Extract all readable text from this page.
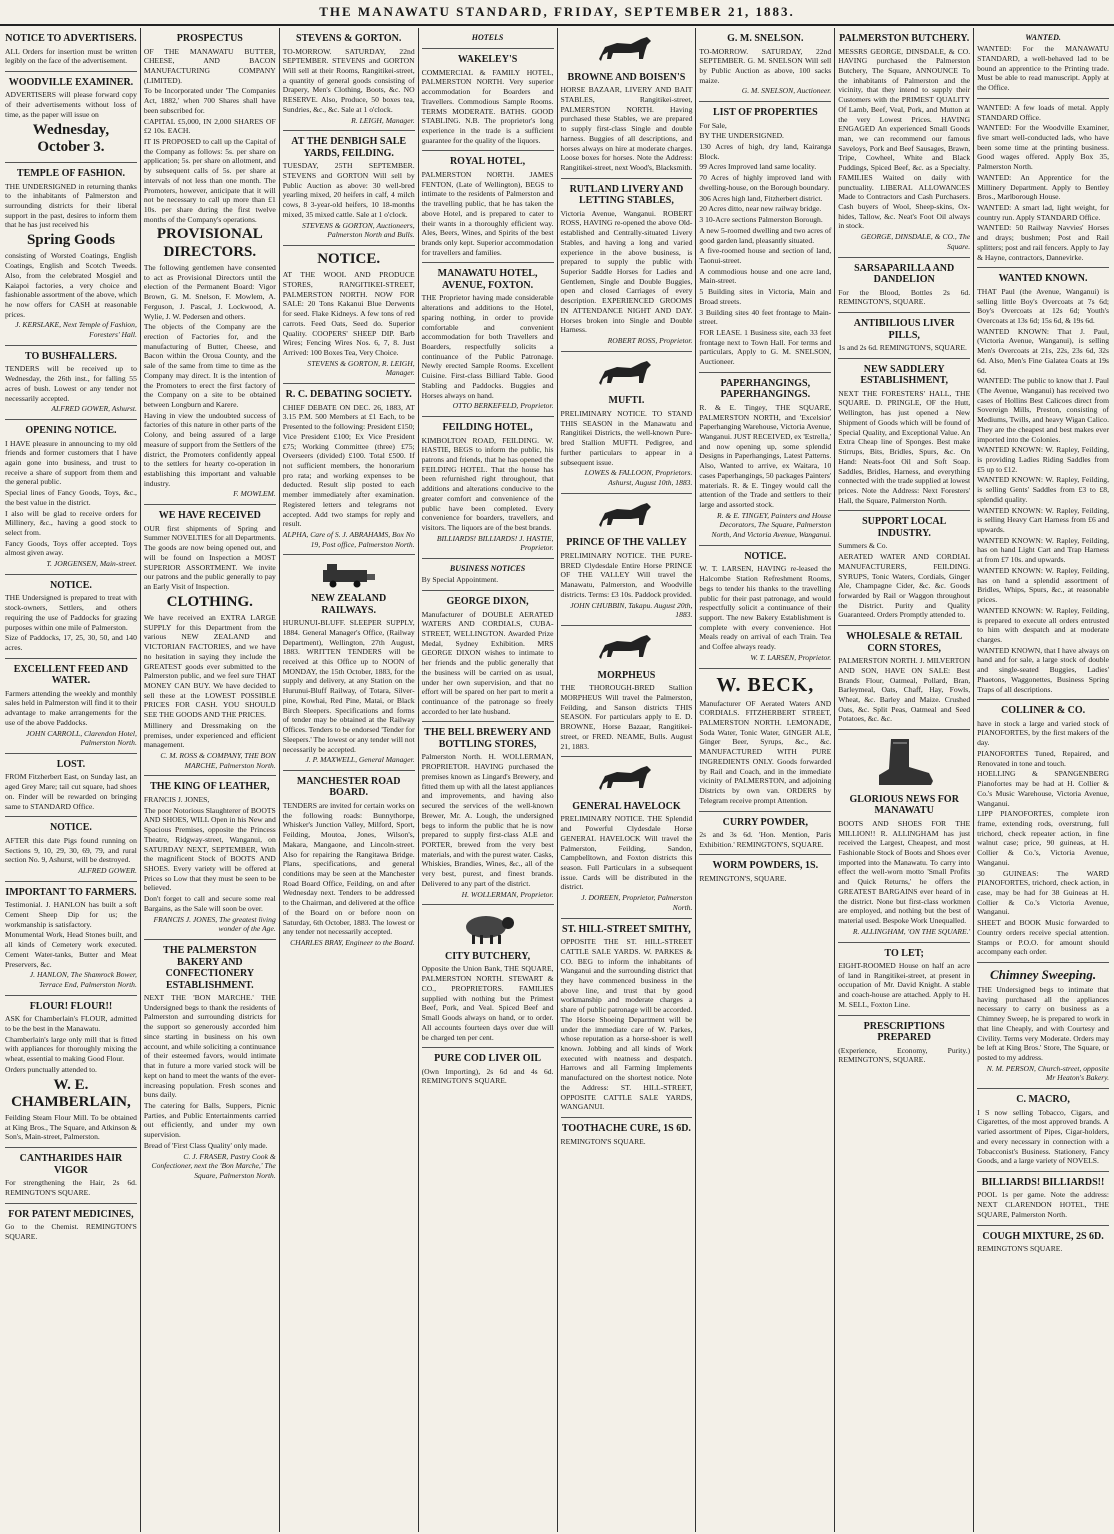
THE MANAWATU STANDARD, FRIDAY, SEPTEMBER 21, 1883.
NOTICE TO ADVERTISERS.
ALL Orders for insertion must be written legibly on the face of the advertisement.
WOODVILLE EXAMINER.
ADVERTISERS will please forward copy of their advertisements without loss of time, as the paper will issue on
Wednesday, October 3.
TEMPLE OF FASHION.
THE UNDERSIGNED in returning thanks to the inhabitants of Palmerston and surrounding districts for their liberal support in the past, desires to inform them that he has just received his
Spring Goods
consisting of Worsted Coatings, English Coatings, English and Scotch Tweeds. Also, from the celebrated Mosgiel and Kaiapoi factories, a very choice and fashionable assortment of the above, which he now offers for CASH at reasonable prices.
J. KERSLAKE, Next Temple of Fashion, Foresters' Hall.
TO BUSHFALLERS.
TENDERS will be received up to Wednesday, the 26th inst., for falling 55 acres of bush. Lowest or any tender not necessarily accepted.
ALFRED GOWER, Ashurst.
OPENING NOTICE.
I HAVE pleasure in announcing to my old friends and former customers that I have again gone into business, and trust to receive a share of support from them and the general public.
Special lines of Fancy Goods, Toys, &c., the best value in the district.
I also will be glad to receive orders for Millinery, &c., having a good stock to select from.
Fancy Goods, Toys offer accepted. Toys almost given away.
T. JORGENSEN, Main-street.
NOTICE.
THE Undersigned is prepared to treat with stock-owners, Settlers, and others requiring the use of Paddocks for grazing purposes within one mile of Palmerston.
Size of Paddocks, 17, 25, 30, 50, and 140 acres.
EXCELLENT FEED AND WATER.
Farmers attending the weekly and monthly sales held in Palmerston will find it to their advantage to make arrangements for the use of the above Paddocks.
JOHN CARROLL, Clarendon Hotel, Palmerston North.
LOST.
FROM Fitzherbert East, on Sunday last, an aged Grey Mare; tail cut square, had shoes on. Finder will be rewarded on bringing same to STANDARD Office.
NOTICE.
AFTER this date Pigs found running on Sections 9, 10, 29, 30, 69, 79, and rural section No. 9, Ashurst, will be destroyed.
ALFRED GOWER.
IMPORTANT TO FARMERS.
Testimonial. J. HANLON has built a soft Cement Sheep Dip for us; the workmanship is satisfactory.
Monumental Work, Head Stones built, and all kinds of Cemetery work executed. Cement Water-tanks, Butter and Meat Preservers, &c.
J. HANLON, The Shamrock Bower, Terrace End, Palmerston North.
FLOUR! FLOUR!!
ASK for Chamberlain's FLOUR, admitted to be the best in the Manawatu.
Chamberlain's large only mill that is fitted with appliances for thoroughly mixing the wheat, essential to making Good Flour.
Orders punctually attended to.
W. E. CHAMBERLAIN,
Feilding Steam Flour Mill. To be obtained at King Bros., The Square, and Atkinson & Son's, Main-street, Palmerston.
CANTHARIDES HAIR VIGOR
For strengthening the Hair, 2s 6d. REMINGTON'S SQUARE.
FOR PATENT MEDICINES,
Go to the Chemist. REMINGTON'S SQUARE.
PROSPECTUS
OF THE MANAWATU BUTTER, CHEESE, AND BACON MANUFACTURING COMPANY (LIMITED).
To be Incorporated under 'The Companies Act, 1882,' when 700 Shares shall have been subscribed for.
CAPITAL £5,000, IN 2,000 SHARES OF £2 10s. EACH.
IT IS PROPOSED to call up the Capital of the Company as follows: 5s. per share on application; 5s. per share on allotment, and by subsequent calls of 5s. per share at intervals of not less than one month. The Promoters, however, anticipate that it will not be necessary to call up more than £1 10s. per share during the first twelve months of the Company's operations.
PROVISIONAL DIRECTORS.
The following gentlemen have consented to act as Provisional Directors until the election of the Permanent Board: Vigor Brown, G. M. Snelson, F. Mowlem, A. Ferguson, J. Pascal, J. Lockwood, A. Wylie, J. W. Pedersen and others.
The objects of the Company are the erection of Factories for, and the manufacturing of Butter, Cheese, and Bacon within the Oroua County, and the sale of the same from time to time as the Company may direct. It is the intention of the Promoters to erect the first factory of the Company on a site to be obtained between Longburn and Karere.
Having in view the undoubted success of factories of this nature in other parts of the Colony, and being assured of a large measure of support from the Settlers of the district, the Promoters confidently appeal to the settlers for hearty co-operation in establishing this important and valuable industry.
F. MOWLEM.
WE HAVE RECEIVED
OUR first shipments of Spring and Summer NOVELTIES for all Departments. The goods are now being opened out, and will be found on Inspection a MOST SUPERIOR ASSORTMENT. We invite our patrons and the public generally to pay an Early Visit of Inspection.
CLOTHING.
We have received an EXTRA LARGE SUPPLY for this Department from the various NEW ZEALAND and VICTORIAN FACTORIES, and we have no hesitation in saying they include the GREATEST goods ever submitted to the Palmerston public, and we feel sure THAT MONEY CAN BUY. We have decided to sell these at the LOWEST POSSIBLE PRICES FOR CASH. YOU SHOULD SEE THE GOODS AND THE PRICES.
Millinery and Dressmaking on the premises, under experienced and efficient management.
C. M. ROSS & COMPANY, THE BON MARCHE, Palmerston North.
THE KING OF LEATHER,
FRANCIS J. JONES,
The poor Notorious Slaughterer of BOOTS AND SHOES, WILL Open in his New and Spacious Premises, opposite the Princess Theatre, Ridgway-street, Wanganui, on SATURDAY NEXT, SEPTEMBER, With the magnificent Stock of BOOTS AND SHOES. Every variety will be offered at Prices so Low that they must be seen to be believed.
Don't forget to call and secure some real Bargains, as the Sale will soon be over.
FRANCIS J. JONES, The greatest living wonder of the Age.
THE PALMERSTON BAKERY AND CONFECTIONERY ESTABLISHMENT.
NEXT THE 'BON MARCHE.' THE Undersigned begs to thank the residents of Palmerston and surrounding districts for the support so generously accorded him since starting in business on his own account, and while soliciting a continuance of their esteemed favors, would intimate that in future a more varied stock will be kept on hand to meet the wants of the ever-increasing population. Fresh scones and buns daily.
The catering for Balls, Suppers, Picnic Parties, and Public Entertainments carried out efficiently, and under my own supervision.
Bread of 'First Class Quality' only made.
C. J. FRASER, Pastry Cook & Confectioner, next the 'Bon Marche,' The Square, Palmerston North.
STEVENS & GORTON.
TO-MORROW. SATURDAY, 22nd SEPTEMBER. STEVENS and GORTON Will sell at their Rooms, Rangitikei-street, a quantity of general goods consisting of Drapery, Men's Clothing, Boots, &c. NO RESERVE. Also, Produce, 50 boxes tea, Sundries, &c., &c. Sale at 1 o'clock.
R. LEIGH, Manager.
AT THE DENBIGH SALE YARDS, FEILDING.
TUESDAY, 25TH SEPTEMBER. STEVENS and GORTON Will sell by Public Auction as above: 30 well-bred yearling mixed, 20 heifers in calf, 4 milch cows, 8 3-year-old heifers, 10 18-months mixed, 35 mixed cattle. Sale at 1 o'clock.
STEVENS & GORTON, Auctioneers, Palmerston North and Bulls.
NOTICE.
AT THE WOOL AND PRODUCE STORES, RANGITIKEI-STREET, PALMERSTON NORTH. NOW FOR SALE: 20 Tons Kakanui Blue Derwents for seed. Flake Kidneys. A few tons of red carrots. Feed Oats, Seed do. Superior Quality. COOPERS' SHEEP DIP. Barb Wires; Fencing Wires Nos. 6, 7, 8. Just Arrived: 100 Boxes Tea, Very Choice.
STEVENS & GORTON, R. LEIGH, Manager.
R. C. DEBATING SOCIETY.
CHIEF DEBATE ON DEC. 26, 1883, AT 3.15 P.M. 500 Members at £1 Each, to be Presented to the following: President £150; Vice President £100; Ex Vice President £75; Working Committee (three) £75; Overseers (divided) £100. Total £500. If not sufficient members, the honorarium pro rata; and working expenses to be deducted. Result slip posted to each member immediately after examination. Registered letters and telegrams not accepted. Add two stamps for reply and result.
ALPHA, Care of S. J. ABRAHAMS, Box No 19, Post office, Palmerston North.
NEW ZEALAND RAILWAYS.
HURUNUI-BLUFF. SLEEPER SUPPLY, 1884. General Manager's Office, (Railway Department), Wellington, 27th August, 1883. WRITTEN TENDERS will be received at this Office up to NOON of MONDAY, the 15th October, 1883, for the supply and delivery, at any Station on the Hurunui-Bluff Railway, of Totara, Silver-pine, Kowhai, Red Pine, Matai, or Black Birch Sleepers. Specifications and forms of tender may be obtained at the Railway Offices. Tenders to be endorsed 'Tender for Sleepers.' The lowest or any tender will not necessarily be accepted.
J. P. MAXWELL, General Manager.
MANCHESTER ROAD BOARD.
TENDERS are invited for certain works on the following roads: Bunnythorpe, Whisker's Junction Valley, Milford, Sport, Feilding, Moutoa, Jones, Wilson's, Makara, Mangaone, and Lincoln-street. Also for repairing the Rangitawa Bridge. Plans, specifications, and general conditions may be seen at the Manchester Road Board Office, Feilding, on and after Wednesday next. Tenders to be addressed to the Chairman, and delivered at the office of the Board on or before noon on Saturday, 6th October, 1883. The lowest or any tender not necessarily accepted.
CHARLES BRAY, Engineer to the Board.
HOTELS
WAKELEY'S
COMMERCIAL & FAMILY HOTEL, PALMERSTON NORTH. Very superior accommodation for Boarders and Travellers. Commodious Sample Rooms. TERMS MODERATE. BATHS. GOOD STABLING. N.B. The proprietor's long experience in the trade is a sufficient guarantee for the quality of the liquors.
ROYAL HOTEL,
PALMERSTON NORTH. JAMES FENTON, (Late of Wellington), BEGS to intimate to the residents of Palmerston and the travelling public, that he has taken the above Hotel, and is prepared to cater to their wants in a thoroughly efficient way. Ales, Beers, Wines, and Spirits of the best brands only kept. Superior accommodation for travellers and families.
MANAWATU HOTEL, AVENUE, FOXTON.
THE Proprietor having made considerable alterations and additions to the Hotel, sparing nothing, in order to provide comfortable and convenient accommodation for both Travellers and Boarders, respectfully solicits a continuance of the Public Patronage. Newly erected Sample Rooms. Excellent Cuisine. First-class Billiard Table. Good Stabling and Paddocks. Buggies and Horses always on hand.
OTTO BERKEFELD, Proprietor.
FEILDING HOTEL,
KIMBOLTON ROAD, FEILDING. W. HASTIE, BEGS to inform the public, his patrons and friends, that he has opened the FEILDING HOTEL. That the house has been refurnished right throughout, that additions and alterations conducive to the greater comfort and convenience of the public have been completed. Every convenience for boarders, travellers, and visitors. The liquors are of the best brands.
BILLIARDS! BILLIARDS! J. HASTIE, Proprietor.
BUSINESS NOTICES
By Special Appointment.
GEORGE DIXON,
Manufacturer of DOUBLE AERATED WATERS AND CORDIALS, CUBA-STREET, WELLINGTON. Awarded Prize Medal, Sydney Exhibition. MRS GEORGE DIXON wishes to intimate to her friends and the public generally that the business will be carried on as usual, under her own supervision, and that no effort will be spared on her part to merit a continuance of the patronage so freely accorded to her late husband.
THE BELL BREWERY AND BOTTLING STORES,
Palmerston North. H. WOLLERMAN, PROPRIETOR. HAVING purchased the premises known as Lingard's Brewery, and fitted them up with all the latest appliances and improvements, and having also secured the services of the well-known Brewer, Mr. A. Lough, the undersigned begs to inform the public that he is now prepared to supply first-class ALE and PORTER, brewed from the very best materials, and with the purest water. Casks, Whiskies, Brandies, Wines, &c., all of the very best, purest, and finest brands. Delivered to any part of the district.
H. WOLLERMAN, Proprietor.
CITY BUTCHERY,
Opposite the Union Bank, THE SQUARE, PALMERSTON NORTH. STEWART & CO., PROPRIETORS. FAMILIES supplied with nothing but the Primest Beef, Pork, and Veal. Spiced Beef and Small Goods always on hand, or to order. All accounts fourteen days over due will be charged ten per cent.
PURE COD LIVER OIL
(Own Importing), 2s 6d and 4s 6d. REMINGTON'S SQUARE.
BROWNE AND BOISEN'S
HORSE BAZAAR, LIVERY AND BAIT STABLES, Rangitikei-street, PALMERSTON NORTH. Having purchased these Stables, we are prepared to supply first-class Single and double harness. Buggies of all descriptions, and horses always on hire at moderate charges. Loose boxes for horses. Note the Address: Rangitikei-street, next Wood's, Blacksmith.
RUTLAND LIVERY AND LETTING STABLES,
Victoria Avenue, Wanganui. ROBERT ROSS, HAVING re-opened the above Old-established and Centrally-situated Livery Stables, and having a long and varied experience in the above business, is prepared to supply the public with Superior Saddle Horses for Ladies and Gentlemen, Single and Double Buggies, open and closed Carriages of every description. EXPERIENCED GROOMS IN ATTENDANCE NIGHT AND DAY. Horses broken into Single and Double Harness.
ROBERT ROSS, Proprietor.
MUFTI.
PRELIMINARY NOTICE. TO STAND THIS SEASON in the Manawatu and Rangitikei Districts, the well-known Pure-bred Stallion MUFTI. Pedigree, and further particulars to appear in a subsequent issue.
LOWES & FALLOON, Proprietors. Ashurst, August 10th, 1883.
PRINCE OF THE VALLEY
PRELIMINARY NOTICE. THE PURE-BRED Clydesdale Entire Horse PRINCE OF THE VALLEY Will travel the Manawatu, Palmerston, and Woodville districts. Terms: £3 10s. Paddock provided.
JOHN CHUBBIN, Takapu. August 20th, 1883.
MORPHEUS
THE THOROUGH-BRED Stallion MORPHEUS Will travel the Palmerston, Feilding, and Sanson districts THIS SEASON. For particulars apply to E. D. BROWNE, Horse Bazaar, Rangitikei-street, or FRED. NEAME, Bulls. August 21, 1883.
GENERAL HAVELOCK
PRELIMINARY NOTICE. THE Splendid and Powerful Clydesdale Horse GENERAL HAVELOCK Will travel the Palmerston, Feilding, Sandon, Campbelltown, and Foxton districts this season. Full Particulars in a subsequent issue. Cards will be distributed in the district.
J. DOREEN, Proprietor, Palmerston North.
ST. HILL-STREET SMITHY,
OPPOSITE THE ST. HILL-STREET CATTLE SALE YARDS. W. PARKES & CO. BEG to inform the inhabitants of Wanganui and the surrounding district that they have commenced business in the above line, and trust that by good workmanship and moderate charges a share of public patronage will be accorded. The Horse Shoeing Department will be under the immediate care of W. Parkes, whose reputation as a horse-shoer is well known. Jobbing and all kinds of Work executed with neatness and despatch. Harrows and all Farming Implements manufactured on the shortest notice. Note the Address: ST. HILL-STREET, OPPOSITE CATTLE SALE YARDS, WANGANUI.
TOOTHACHE CURE, 1S 6D.
REMINGTON'S SQUARE.
G. M. SNELSON.
TO-MORROW. SATURDAY, 22nd SEPTEMBER. G. M. SNELSON Will sell by Public Auction as above, 100 sacks maize.
G. M. SNELSON, Auctioneer.
LIST OF PROPERTIES
For Sale,
BY THE UNDERSIGNED.
130 Acres of high, dry land, Kairanga Block.
99 Acres Improved land same locality.
70 Acres of highly improved land with dwelling-house, on the Borough boundary.
306 Acres high land, Fitzherbert district.
20 Acres ditto, near new railway bridge.
3 10-Acre sections Palmerston Borough.
A new 5-roomed dwelling and two acres of good garden land, pleasantly situated.
A five-roomed house and section of land, Taonui-street.
A commodious house and one acre land, Main-street.
5 Building sites in Victoria, Main and Broad streets.
3 Building sites 40 feet frontage to Main-street.
FOR LEASE. 1 Business site, each 33 feet frontage next to Town Hall. For terms and particulars, Apply to G. M. SNELSON, Auctioneer.
PAPERHANGINGS, PAPERHANGINGS.
R. & E. Tingey, THE SQUARE, PALMERSTON NORTH, and 'Excelsior' Paperhanging Warehouse, Victoria Avenue, Wanganui. JUST RECEIVED, ex 'Estrella,' and now opening up, some splendid Designs in Paperhangings, Latest Patterns. Also, Wanted to arrive, ex Waitara, 10 cases Paperhangings, 50 packages Painters' materials. R. & E. Tingey would call the attention of the Trade and settlers to their large and assorted stock.
R. & E. TINGEY, Painters and House Decorators, The Square, Palmerston North, And Victoria Avenue, Wanganui.
NOTICE.
W. T. LARSEN, HAVING re-leased the Halcombe Station Refreshment Rooms, begs to tender his thanks to the travelling public for their past patronage, and would respectfully solicit a continuance of their support. The new Bakery Establishment is complete with every convenience. Hot Meals ready on arrival of each Train. Tea and Coffee always ready.
W. T. LARSEN, Proprietor.
W. BECK,
Manufacturer OF Aerated Waters AND CORDIALS. FITZHERBERT STREET, PALMERSTON NORTH. LEMONADE, Soda Water, Tonic Water, GINGER ALE, Ginger Beer, Syrups, &c., &c. MANUFACTURED WITH PURE INGREDIENTS ONLY. Goods forwarded by Rail and Coach, and in the immediate vicinity of PALMERSTON, and adjoining Districts by own van. ORDERS by Telegram receive prompt Attention.
CURRY POWDER,
2s and 3s 6d. 'Hon. Mention, Paris Exhibition.' REMINGTON'S, SQUARE.
WORM POWDERS, 1S.
REMINGTON'S, SQUARE.
PALMERSTON BUTCHERY.
MESSRS GEORGE, DINSDALE, & CO. HAVING purchased the Palmerston Butchery, The Square, ANNOUNCE To the inhabitants of Palmerston and the vicinity, that they intend to supply their Customers with the PRIMEST QUALITY Of Lamb, Beef, Veal, Pork, and Mutton at the very Lowest Prices. HAVING ENGAGED An experienced Small Goods man, we can recommend our famous Saveloys, Pork and Beef Sausages, Brawn, Tripe, Cowheel, White and Black Puddings, Spiced Beef, &c. as a Specialty. FAMILIES Waited on daily with punctuality. LIBERAL ALLOWANCES Made to Contractors and Cash Purchasers. Cash buyers of Wool, Sheep-skins, Ox-hides, Tallow, &c. Neat's Foot Oil always in stock.
GEORGE, DINSDALE, & CO., The Square.
SARSAPARILLA AND DANDELION
For the Blood, Bottles 2s 6d. REMINGTON'S, SQUARE.
ANTIBILIOUS LIVER PILLS,
1s and 2s 6d. REMINGTON'S, SQUARE.
NEW SADDLERY ESTABLISHMENT,
NEXT THE FORESTERS' HALL, THE SQUARE. D. PRINGLE, OF the Hutt, Wellington, has just opened a New Shipment of Goods which will be found of Special Quality, and Exceptional Value. An Extra Cheap line of Sponges. Best make Stirrups, Bits, Bridles, Spurs, &c. On Hand: Neats-foot Oil and Soft Soap. Saddles, Bridles, Harness, and everything connected with the trade supplied at lowest prices. Note the Address: Next Foresters' Hall, the Square, Palmerston North.
SUPPORT LOCAL INDUSTRY.
Summers & Co.
AERATED WATER AND CORDIAL MANUFACTURERS, FEILDING. SYRUPS, Tonic Waters, Cordials, Ginger Ale, Champagne Cider, &c. &c. Goods forwarded by Rail or Waggon throughout the District. Purity and Quality Guaranteed. Orders Promptly attended to.
WHOLESALE & RETAIL CORN STORES,
PALMERSTON NORTH. J. MILVERTON AND SON, HAVE ON SALE: Best Brands Flour, Oatmeal, Pollard, Bran, Barleymeal, Oats, Chaff, Hay, Fowls, Wheat, &c. Barley and Maize. Crushed Oats, &c. Split Peas, Oatmeal and Seed Potatoes, &c. &c.
GLORIOUS NEWS FOR MANAWATU
BOOTS AND SHOES FOR THE MILLION!! R. ALLINGHAM has just received the Largest, Cheapest, and most Fashionable Stock of Boots and Shoes ever imported into the Manawatu. To carry into effect the well-worn motto 'Small Profits and Quick Returns,' he offers the GREATEST BARGAINS ever heard of in the district. None but first-class workmen are employed, and nothing but the best of material used. Bespoke Work Unequalled.
R. ALLINGHAM, 'ON THE SQUARE.'
TO LET;
EIGHT-ROOMED House on half an acre of land in Rangitikei-street, at present in occupation of Mr. David Knight. A stable and coach-house are attached. Apply to H. M. SELL, Foxton Line.
PRESCRIPTIONS PREPARED
(Experience, Economy, Purity.) REMINGTON'S, SQUARE.
WANTED.
WANTED: For the MANAWATU STANDARD, a well-behaved lad to be bound an apprentice to the Printing trade. Must be able to read manuscript. Apply at the Office.
WANTED: A few loads of metal. Apply STANDARD Office.
WANTED: For the Woodville Examiner, five smart well-conducted lads, who have been some time at the printing business. Good wages offered. Apply Box 35, Palmerston North.
WANTED: An Apprentice for the Millinery Department. Apply to Bentley Bros., Marlborough House.
WANTED: A smart lad, light weight, for country run. Apply STANDARD Office.
WANTED: 50 Railway Navvies' Horses and drays; bushmen; Post and Rail splitters; post and rail fencers. Apply to Jay & Hayne, contractors, Dannevirke.
WANTED KNOWN.
THAT Paul (the Avenue, Wanganui) is selling little Boy's Overcoats at 7s 6d; Boy's Overcoats at 12s 6d; Youth's Overcoats at 13s 6d; 15s 6d, & 19s 6d.
WANTED KNOWN: That J. Paul, (Victoria Avenue, Wanganui), is selling Men's Overcoats at 21s, 22s, 23s 6d, 32s 6d. Also, Men's Fine Galatea Coats at 19s 6d.
WANTED: The public to know that J. Paul (The Avenue, Wanganui) has received two cases of Hollins Best Calicoes direct from Sovereign Mills, Preston, consisting of Mediums, Twills, and heavy Wigan Calico. They are the cheapest and best makes ever imported into the Colonies.
WANTED KNOWN: W. Rapley, Feilding, is providing Ladies Riding Saddles from £5 up to £12.
WANTED KNOWN: W. Rapley, Feilding, is selling Gents' Saddles from £3 to £8, splendid quality.
WANTED KNOWN: W. Rapley, Feilding, is selling Heavy Cart Harness from £6 and upwards.
WANTED KNOWN: W. Rapley, Feilding, has on hand Light Cart and Trap Harness at from £7 10s. and upwards.
WANTED KNOWN: W. Rapley, Feilding, has on hand a splendid assortment of Bridles, Whips, Spurs, &c., at reasonable prices.
WANTED KNOWN: W. Rapley, Feilding, is prepared to execute all orders entrusted to him with despatch and at moderate charges.
WANTED KNOWN, that I have always on hand and for sale, a large stock of double and single-seated Buggies, Ladies' Phaetons, Waggonettes, Business Spring Traps of all descriptions.
COLLINER & CO.
have in stock a large and varied stock of PIANOFORTES, by the first makers of the day.
PIANOFORTES Tuned, Repaired, and Renovated in tone and touch.
HOELLING & SPANGENBERG Pianofortes may be had at H. Collier & Co.'s Music Warehouse, Victoria Avenue, Wanganui.
LIPP PIANOFORTES, complete iron frame, extending rods, overstrung, full trichord, check repeater action, in fine walnut case; price, 90 guineas, at H. Collier & Co.'s, Victoria Avenue, Wanganui.
30 GUINEAS: The WARD PIANOFORTES, trichord, check action, in case, may be had for 38 Guineas at H. Collier & Co.'s Victoria Avenue, Wanganui.
SHEET and BOOK Music forwarded to Country orders receive special attention. Stamps or P.O.O. for amount should accompany each order.
Chimney Sweeping.
THE Undersigned begs to intimate that having purchased all the appliances necessary to carry on business as a Chimney Sweep, he is prepared to work in that line Cheaply, and with Courtesy and Civility. Terms very Moderate. Orders may be left at King Bros.' Store, The Square, or posted to my address.
N. M. PERSON, Church-street, opposite Mr Heaton's Bakery.
C. MACRO,
I S now selling Tobacco, Cigars, and Cigarettes, of the most approved brands. A varied assortment of Pipes, Cigar-holders, and every necessary in connection with a Tobacconist's Business. Stationery, Fancy Goods, and a large variety of NOVELS.
BILLIARDS! BILLIARDS!!
POOL 1s per game. Note the address: NEXT CLARENDON HOTEL, THE SQUARE, Palmerston North.
COUGH MIXTURE, 2S 6D.
REMINGTON'S SQUARE.
